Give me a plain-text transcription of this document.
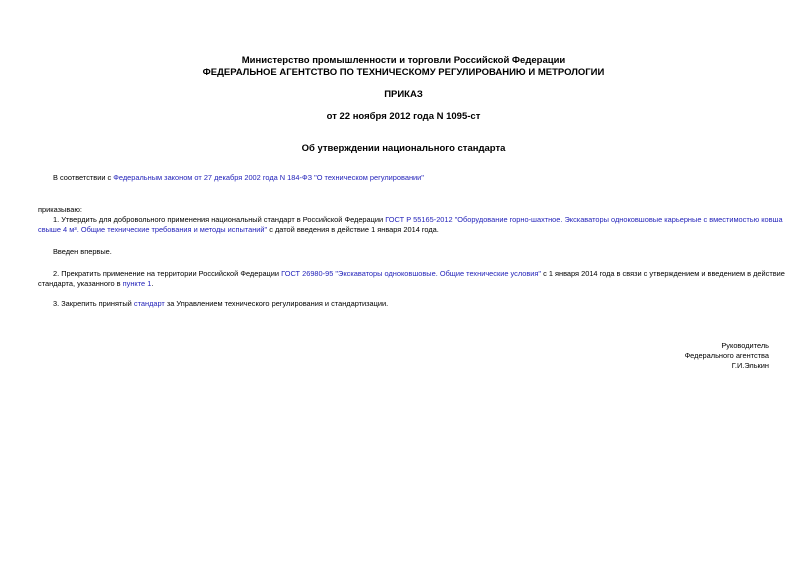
Министерство промышленности и торговли Российской Федерации
ФЕДЕРАЛЬНОЕ АГЕНТСТВО ПО ТЕХНИЧЕСКОМУ РЕГУЛИРОВАНИЮ И МЕТРОЛОГИИ
ПРИКАЗ
от 22 ноября 2012 года N 1095-ст
Об утверждении национального стандарта
В соответствии с Федеральным законом от 27 декабря 2002 года N 184-ФЗ "О техническом регулировании"
приказываю:
1. Утвердить для добровольного применения национальный стандарт в Российской Федерации ГОСТ Р 55165-2012 "Оборудование горно-шахтное. Экскаваторы одноковшовые карьерные с вместимостью ковша
свыше 4 м³. Общие технические требования и методы испытаний" с датой введения в действие 1 января 2014 года.
Введен впервые.
2. Прекратить применение на территории Российской Федерации ГОСТ 26980-95 "Экскаваторы одноковшовые. Общие технические условия" с 1 января 2014 года в связи с утверждением и введением в действие
стандарта, указанного в пункте 1.
3. Закрепить принятый стандарт за Управлением технического регулирования и стандартизации.
Руководитель
Федерального агентства
Г.И.Элькин
